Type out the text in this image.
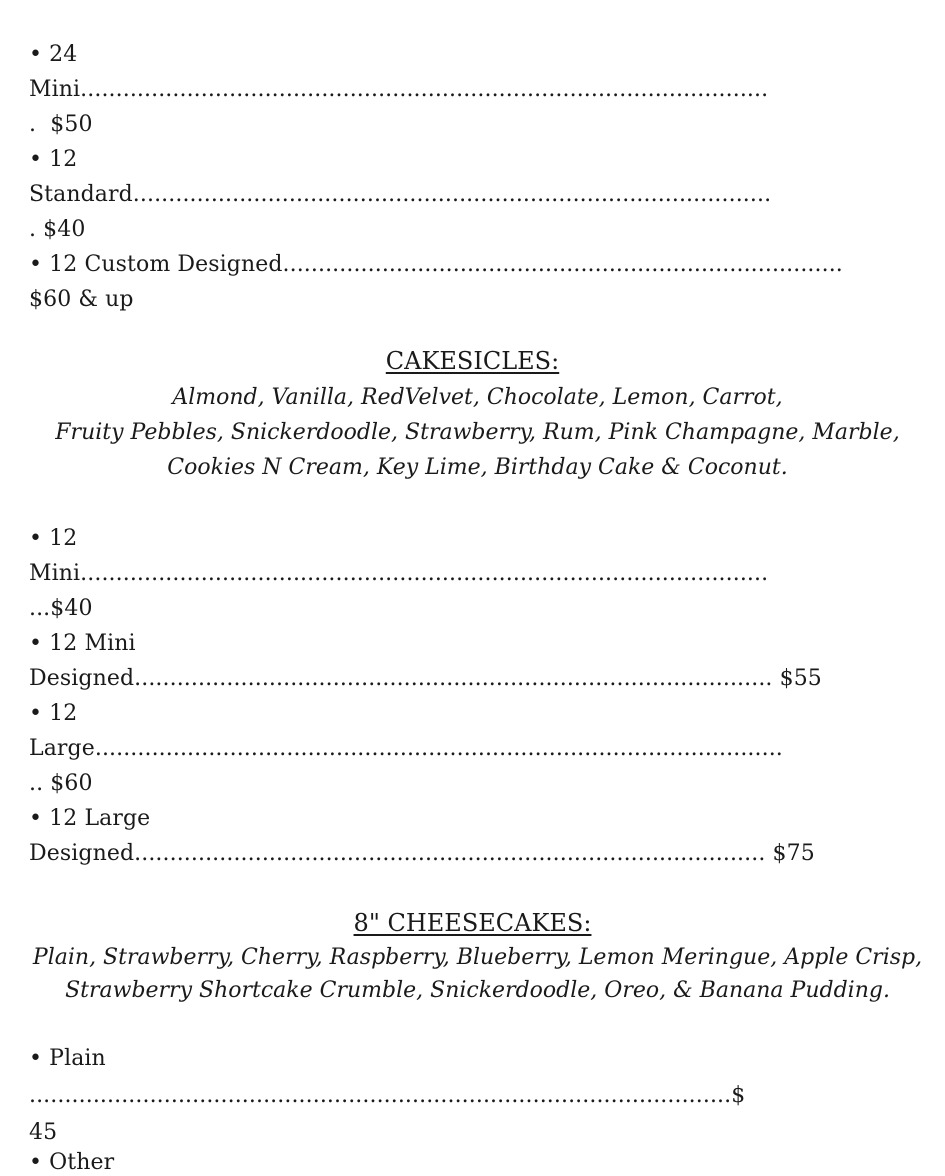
• 24
Mini.................................................................................................
.  $50
• 12
Standard..........................................................................................
. $40
• 12 Custom Designed...............................................................................
$60 & up
CAKESICLES:
Almond, Vanilla, RedVelvet, Chocolate, Lemon, Carrot,
Fruity Pebbles, Snickerdoodle, Strawberry, Rum, Pink Champagne, Marble,
Cookies N Cream, Key Lime, Birthday Cake & Coconut.
• 12
Mini.................................................................................................
...$40
• 12 Mini
Designed.......................................................................................... $55
• 12
Large.................................................................................................
.. $60
• 12 Large
Designed......................................................................................... $75
8" CHEESECAKES:
Plain, Strawberry, Cherry, Raspberry, Blueberry, Lemon Meringue, Apple Crisp,
Strawberry Shortcake Crumble, Snickerdoodle, Oreo, & Banana Pudding.
• Plain
...................................................................................................$
45
• Other
